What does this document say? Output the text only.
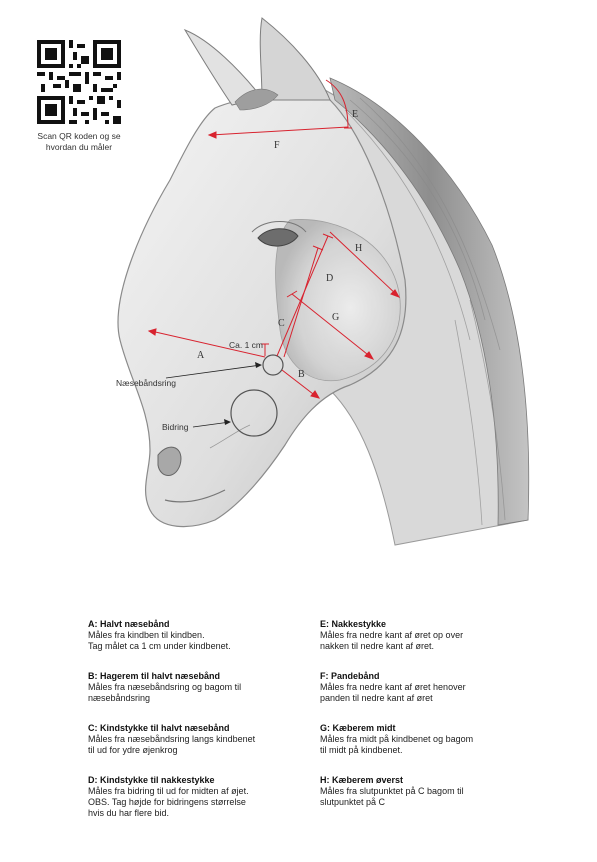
Scan QR koden og se
hvordan du måler
E
F
H
D
G
C
A
B
Ca. 1 cm
Næsebåndsring
Bidring
A: Halvt næsebånd
Måles fra kindben til kindben.
Tag målet ca 1 cm under kindbenet.
E: Nakkestykke
Måles fra nedre kant af øret op over
nakken til nedre kant af øret.
B: Hagerem til halvt næsebånd
Måles fra næsebåndsring og bagom til
næsebåndsring
F: Pandebånd
Måles fra nedre kant af øret henover
panden til nedre kant af øret
C: Kindstykke til halvt næsebånd
Måles fra næsebåndsring langs kindbenet
til ud for ydre øjenkrog
G: Kæberem midt
Måles fra midt på kindbenet og bagom
til midt på kindbenet.
D: Kindstykke til nakkestykke
Måles fra bidring til ud for midten af øjet.
OBS. Tag højde for bidringens størrelse
hvis du har flere bid.
H: Kæberem øverst
Måles fra slutpunktet på C bagom til
slutpunktet på C
